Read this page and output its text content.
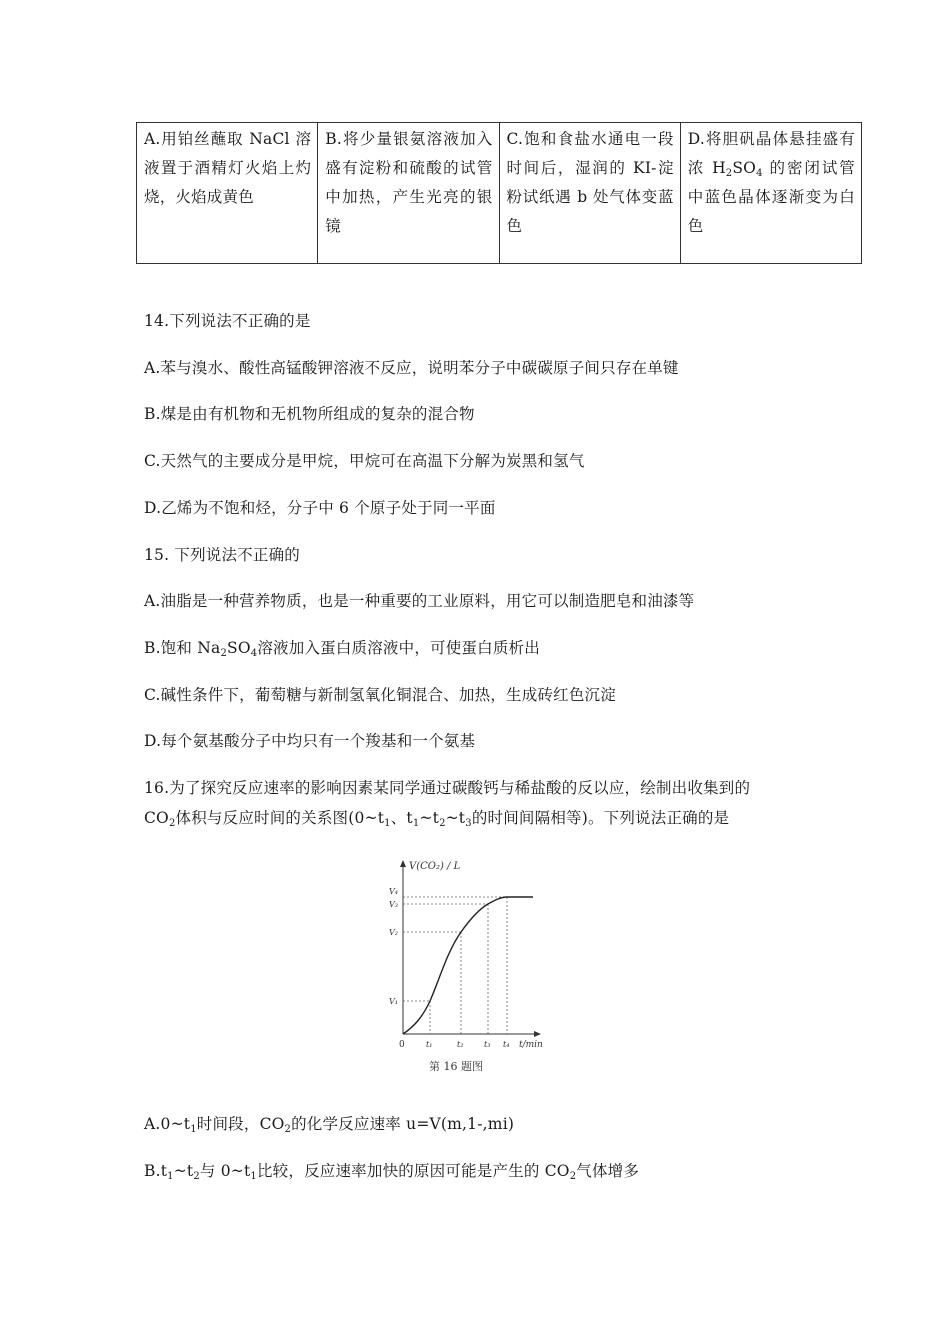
A.用铂丝蘸取 NaCl 溶液置于酒精灯火焰上灼烧，火焰成黄色	B.将少量银氨溶液加入盛有淀粉和硫酸的试管中加热，产生光亮的银镜	C.饱和食盐水通电一段时间后，湿润的 KI-淀粉试纸遇 b 处气体变蓝色	D.将胆矾晶体悬挂盛有浓 $H_2SO_4$ 的密闭试管中蓝色晶体逐渐变为白色
14.下列说法不正确的是
A.苯与溴水、酸性高锰酸钾溶液不反应，说明苯分子中碳碳原子间只存在单键
B.煤是由有机物和无机物所组成的复杂的混合物
C.天然气的主要成分是甲烷，甲烷可在高温下分解为炭黑和氢气
D.乙烯为不饱和烃，分子中 6 个原子处于同一平面
15. 下列说法不正确的
A.油脂是一种营养物质，也是一种重要的工业原料，用它可以制造肥皂和油漆等
B.饱和 $Na_2SO_4$溶液加入蛋白质溶液中，可使蛋白质析出
C.碱性条件下，葡萄糖与新制氢氧化铜混合、加热，生成砖红色沉淀
D.每个氨基酸分子中均只有一个羧基和一个氨基
16.为了探究反应速率的影响因素某同学通过碳酸钙与稀盐酸的反以应，绘制出收集到的
$CO_2$体积与反应时间的关系图($0\sim t_1$、$t_1\sim t_2\sim t_3$的时间间隔相等)。下列说法正确的是
V(CO₂) / L
t/min
0
V₄
V₃
V₂
V₁
t₁	t₂	t₃ t₄
第 16 题图
$A.0\sim t_1$时间段，$CO_2$的化学反应速率 u=V(m,1-,mi)
$B.t_1\sim t_2$与 $0\sim t_1$比较，反应速率加快的原因可能是产生的 $CO_2$气体增多
